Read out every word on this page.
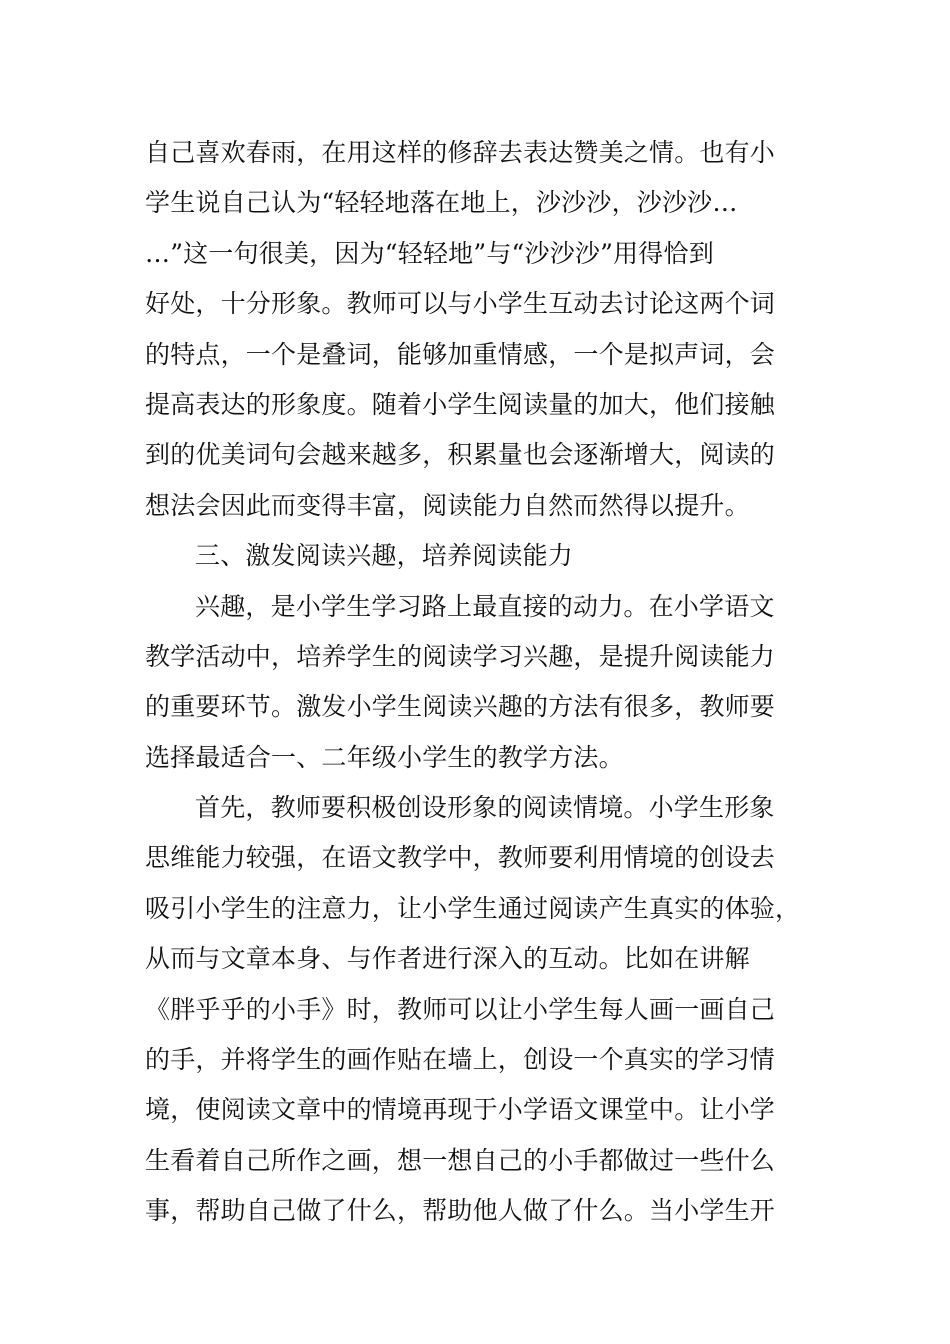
自己喜欢春雨，在用这样的修辞去表达赞美之情。也有小
学生说自己认为“轻轻地落在地上，沙沙沙，沙沙沙…
…”这一句很美，因为“轻轻地”与“沙沙沙”用得恰到
好处，十分形象。教师可以与小学生互动去讨论这两个词
的特点，一个是叠词，能够加重情感，一个是拟声词，会
提高表达的形象度。随着小学生阅读量的加大，他们接触
到的优美词句会越来越多，积累量也会逐渐增大，阅读的
想法会因此而变得丰富，阅读能力自然而然得以提升。
三、激发阅读兴趣，培养阅读能力
兴趣，是小学生学习路上最直接的动力。在小学语文
教学活动中，培养学生的阅读学习兴趣，是提升阅读能力
的重要环节。激发小学生阅读兴趣的方法有很多，教师要
选择最适合一、二年级小学生的教学方法。
首先，教师要积极创设形象的阅读情境。小学生形象
思维能力较强，在语文教学中，教师要利用情境的创设去
吸引小学生的注意力，让小学生通过阅读产生真实的体验，
从而与文章本身、与作者进行深入的互动。比如在讲解
《胖乎乎的小手》时，教师可以让小学生每人画一画自己
的手，并将学生的画作贴在墙上，创设一个真实的学习情
境，使阅读文章中的情境再现于小学语文课堂中。让小学
生看着自己所作之画，想一想自己的小手都做过一些什么
事，帮助自己做了什么，帮助他人做了什么。当小学生开
